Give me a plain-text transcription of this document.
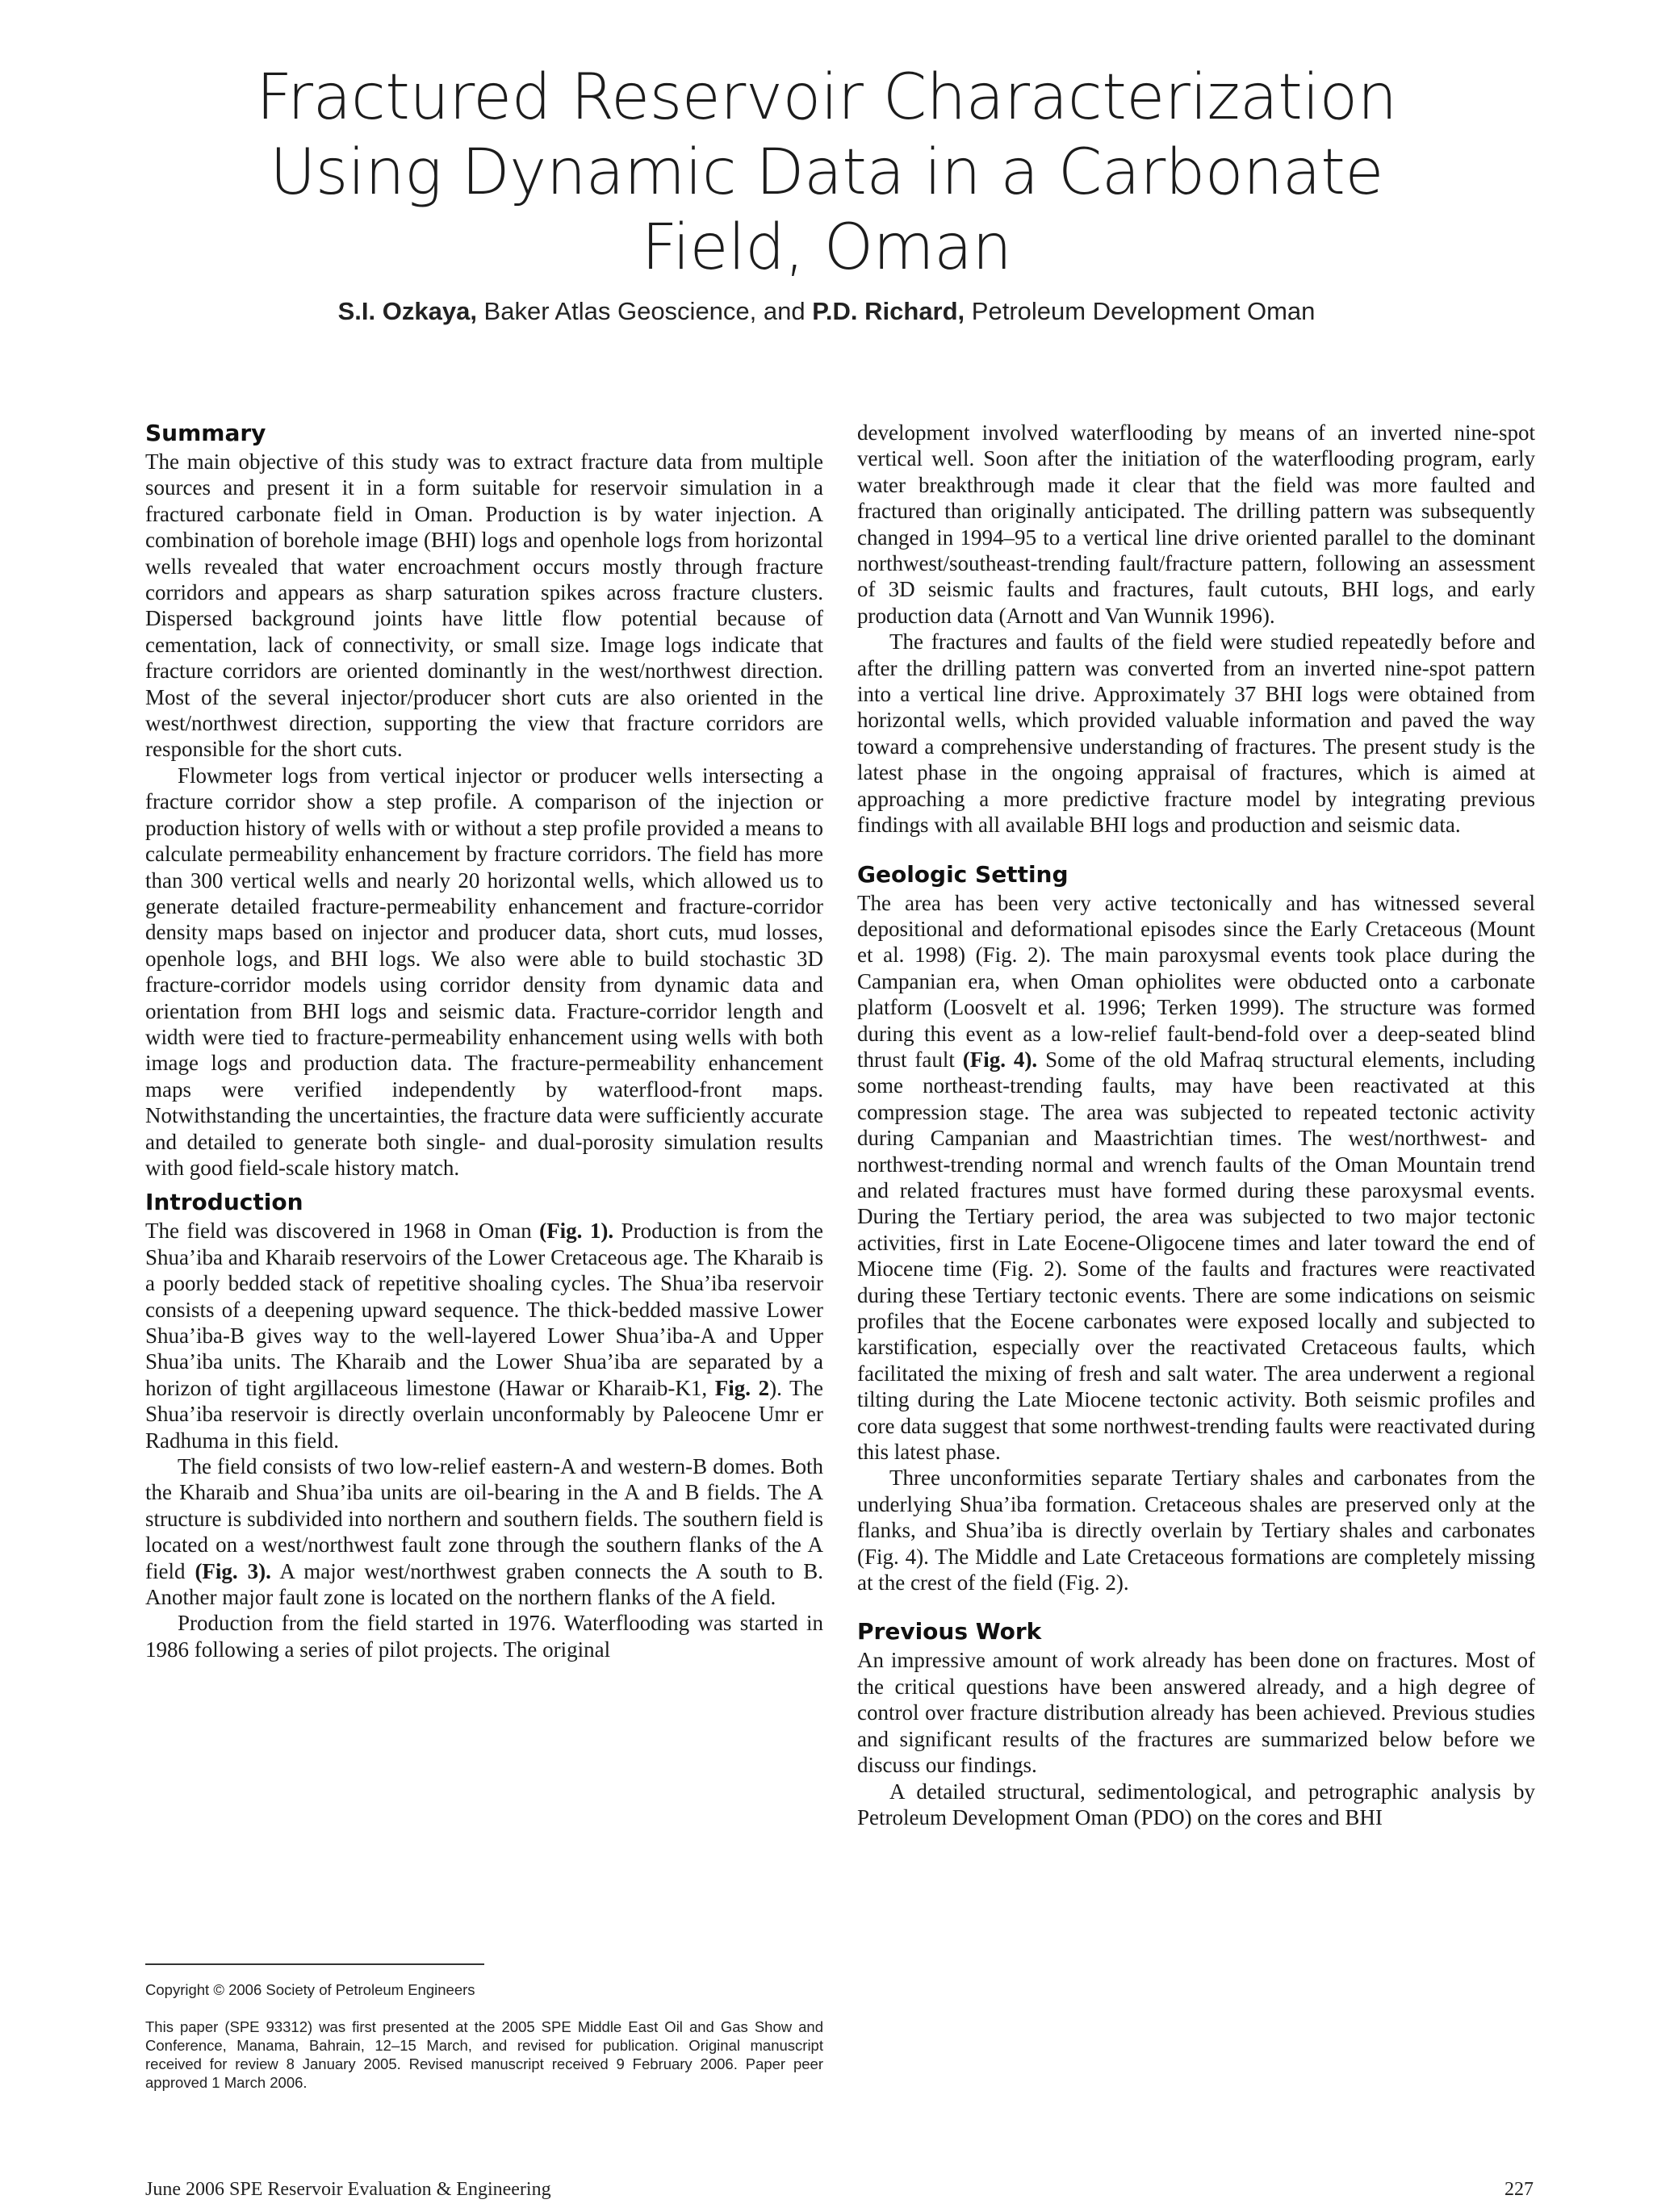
Fractured Reservoir Characterization
Using Dynamic Data in a Carbonate
Field, Oman
S.I. Ozkaya, Baker Atlas Geoscience, and P.D. Richard, Petroleum Development Oman
Summary

The main objective of this study was to extract fracture data from multiple sources and present it in a form suitable for reservoir simulation in a fractured carbonate field in Oman. Production is by water injection. A combination of borehole image (BHI) logs and openhole logs from horizontal wells revealed that water encroachment occurs mostly through fracture corridors and appears as sharp saturation spikes across fracture clusters. Dispersed background joints have little flow potential because of cementation, lack of connectivity, or small size. Image logs indicate that fracture corridors are oriented dominantly in the west/northwest direction. Most of the several injector/producer short cuts are also oriented in the west/northwest direction, supporting the view that fracture corridors are responsible for the short cuts.

Flowmeter logs from vertical injector or producer wells intersecting a fracture corridor show a step profile. A comparison of the injection or production history of wells with or without a step profile provided a means to calculate permeability enhancement by fracture corridors. The field has more than 300 vertical wells and nearly 20 horizontal wells, which allowed us to generate detailed fracture-permeability enhancement and fracture-corridor density maps based on injector and producer data, short cuts, mud losses, openhole logs, and BHI logs. We also were able to build stochastic 3D fracture-corridor models using corridor density from dynamic data and orientation from BHI logs and seismic data. Fracture-corridor length and width were tied to fracture-permeability enhancement using wells with both image logs and production data. The fracture-permeability enhancement maps were verified independently by waterflood-front maps. Notwithstanding the uncertainties, the fracture data were sufficiently accurate and detailed to generate both single- and dual-porosity simulation results with good field-scale history match.

Introduction

The field was discovered in 1968 in Oman (Fig. 1). Production is from the Shua’iba and Kharaib reservoirs of the Lower Cretaceous age. The Kharaib is a poorly bedded stack of repetitive shoaling cycles. The Shua’iba reservoir consists of a deepening upward sequence. The thick-bedded massive Lower Shua’iba-B gives way to the well-layered Lower Shua’iba-A and Upper Shua’iba units. The Kharaib and the Lower Shua’iba are separated by a horizon of tight argillaceous limestone (Hawar or Kharaib-K1, Fig. 2). The Shua’iba reservoir is directly overlain unconformably by Paleocene Umr er Radhuma in this field.

The field consists of two low-relief eastern-A and western-B domes. Both the Kharaib and Shua’iba units are oil-bearing in the A and B fields. The A structure is subdivided into northern and southern fields. The southern field is located on a west/northwest fault zone through the southern flanks of the A field (Fig. 3). A major west/northwest graben connects the A south to B. Another major fault zone is located on the northern flanks of the A field.

Production from the field started in 1976. Waterflooding was started in 1986 following a series of pilot projects. The original

development involved waterflooding by means of an inverted nine-spot vertical well. Soon after the initiation of the waterflooding program, early water breakthrough made it clear that the field was more faulted and fractured than originally anticipated. The drilling pattern was subsequently changed in 1994–95 to a vertical line drive oriented parallel to the dominant northwest/southeast-trending fault/fracture pattern, following an assessment of 3D seismic faults and fractures, fault cutouts, BHI logs, and early production data (Arnott and Van Wunnik 1996).

The fractures and faults of the field were studied repeatedly before and after the drilling pattern was converted from an inverted nine-spot pattern into a vertical line drive. Approximately 37 BHI logs were obtained from horizontal wells, which provided valuable information and paved the way toward a comprehensive understanding of fractures. The present study is the latest phase in the ongoing appraisal of fractures, which is aimed at approaching a more predictive fracture model by integrating previous findings with all available BHI logs and production and seismic data.

Geologic Setting

The area has been very active tectonically and has witnessed several depositional and deformational episodes since the Early Cretaceous (Mount et al. 1998) (Fig. 2). The main paroxysmal events took place during the Campanian era, when Oman ophiolites were obducted onto a carbonate platform (Loosvelt et al. 1996; Terken 1999). The structure was formed during this event as a low-relief fault-bend-fold over a deep-seated blind thrust fault (Fig. 4). Some of the old Mafraq structural elements, including some northeast-trending faults, may have been reactivated at this compression stage. The area was subjected to repeated tectonic activity during Campanian and Maastrichtian times. The west/northwest- and northwest-trending normal and wrench faults of the Oman Mountain trend and related fractures must have formed during these paroxysmal events. During the Tertiary period, the area was subjected to two major tectonic activities, first in Late Eocene-Oligocene times and later toward the end of Miocene time (Fig. 2). Some of the faults and fractures were reactivated during these Tertiary tectonic events. There are some indications on seismic profiles that the Eocene carbonates were exposed locally and subjected to karstification, especially over the reactivated Cretaceous faults, which facilitated the mixing of fresh and salt water. The area underwent a regional tilting during the Late Miocene tectonic activity. Both seismic profiles and core data suggest that some northwest-trending faults were reactivated during this latest phase.

Three unconformities separate Tertiary shales and carbonates from the underlying Shua’iba formation. Cretaceous shales are preserved only at the flanks, and Shua’iba is directly overlain by Tertiary shales and carbonates (Fig. 4). The Middle and Late Cretaceous formations are completely missing at the crest of the field (Fig. 2).

Previous Work

An impressive amount of work already has been done on fractures. Most of the critical questions have been answered already, and a high degree of control over fracture distribution already has been achieved. Previous studies and significant results of the fractures are summarized below before we discuss our findings.

A detailed structural, sedimentological, and petrographic analysis by Petroleum Development Oman (PDO) on the cores and BHI

Copyright © 2006 Society of Petroleum Engineers
This paper (SPE 93312) was first presented at the 2005 SPE Middle East Oil and Gas Show and Conference, Manama, Bahrain, 12–15 March, and revised for publication. Original manuscript received for review 8 January 2005. Revised manuscript received 9 February 2006. Paper peer approved 1 March 2006.
June 2006 SPE Reservoir Evaluation & Engineering	227
